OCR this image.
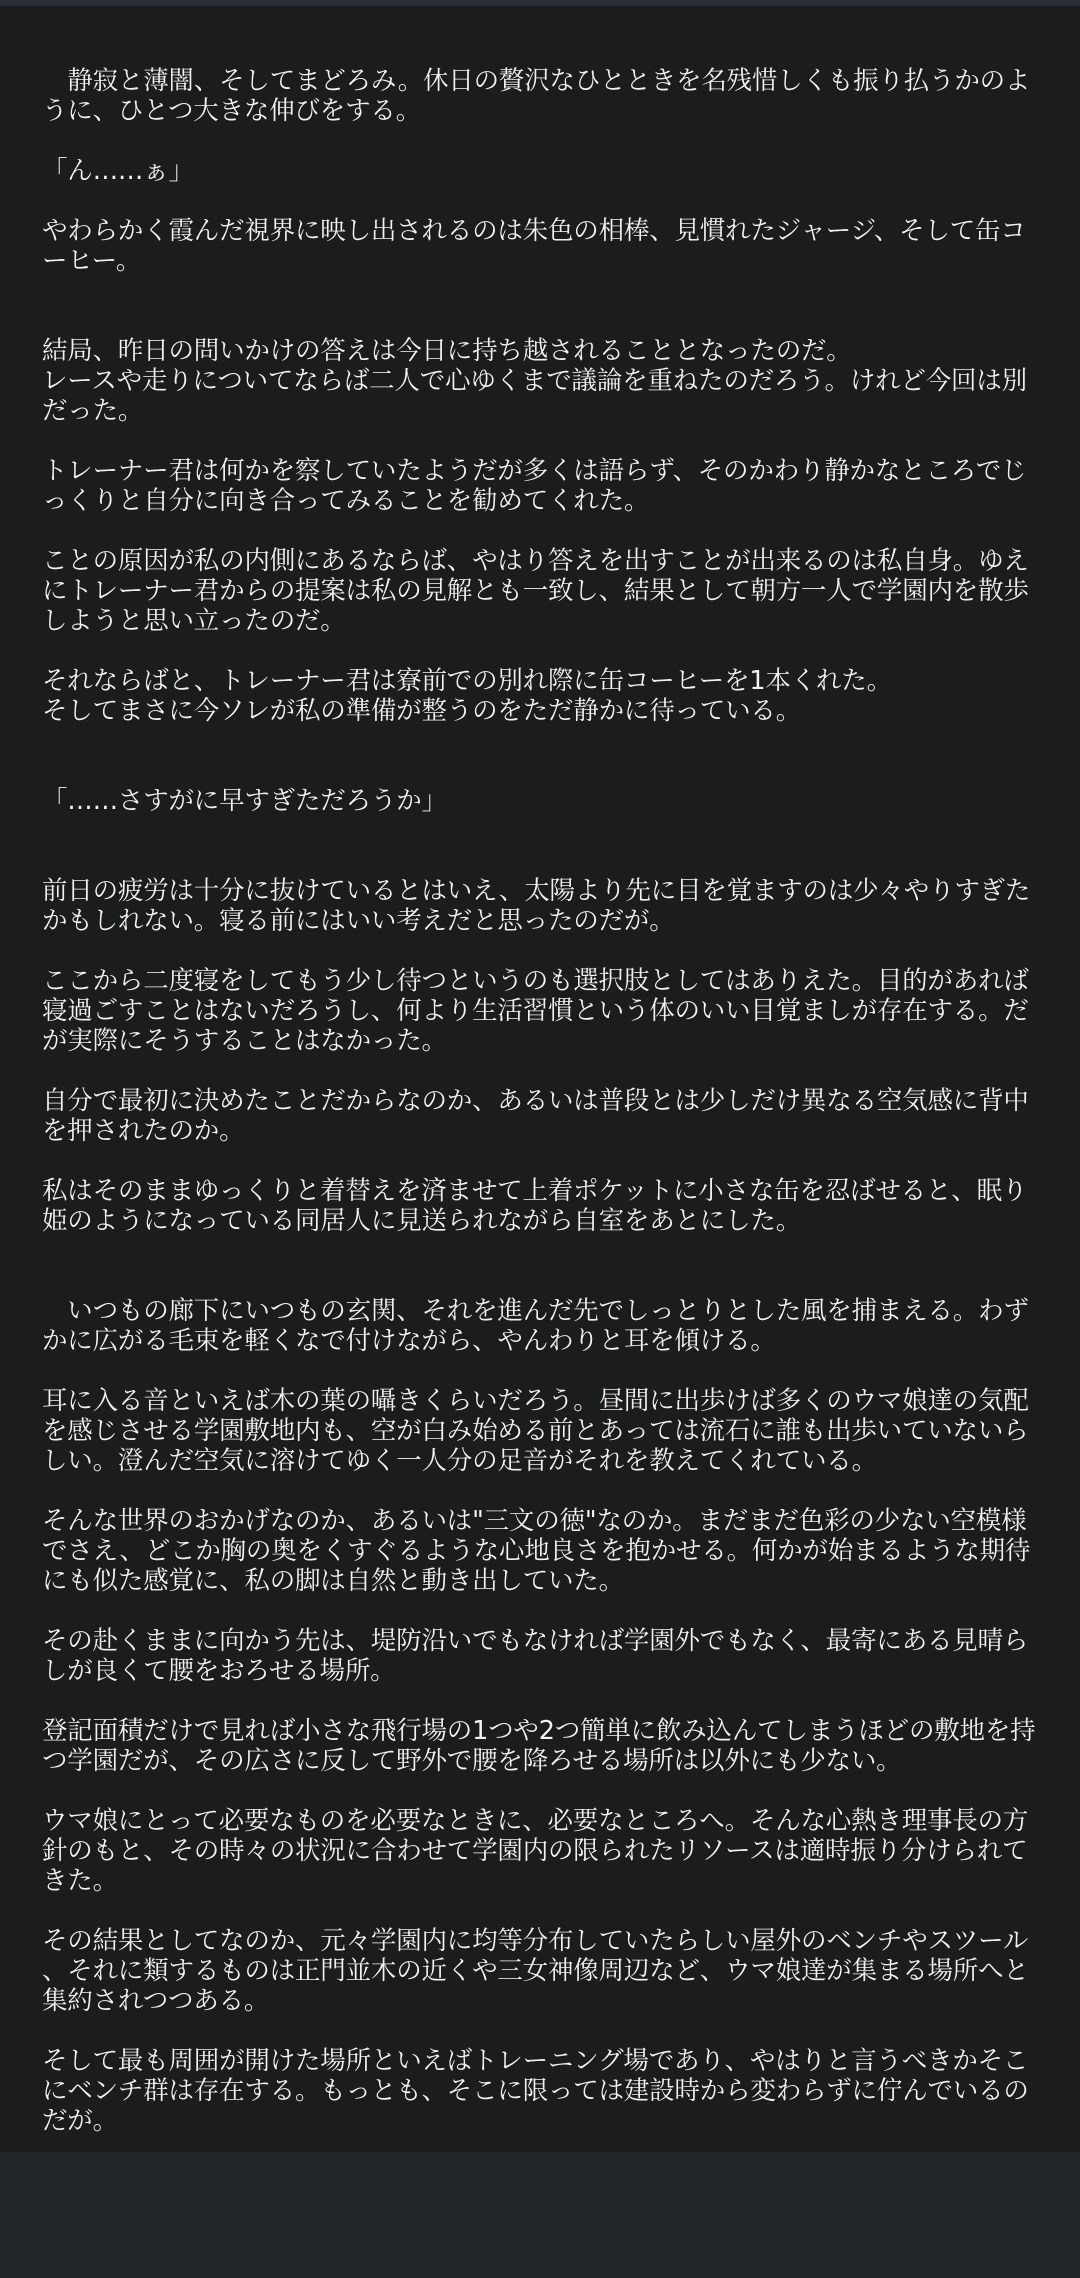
　静寂と薄闇、そしてまどろみ。休日の贅沢なひとときを名残惜しくも振り払うかのように、ひとつ大きな伸びをする。

「ん……ぁ」

やわらかく霞んだ視界に映し出されるのは朱色の相棒、見慣れたジャージ、そして缶コーヒー。

結局、昨日の問いかけの答えは今日に持ち越されることとなったのだ。

レースや走りについてならば二人で心ゆくまで議論を重ねたのだろう。けれど今回は別だった。

トレーナー君は何かを察していたようだが多くは語らず、そのかわり静かなところでじっくりと自分に向き合ってみることを勧めてくれた。

ことの原因が私の内側にあるならば、やはり答えを出すことが出来るのは私自身。ゆえにトレーナー君からの提案は私の見解とも一致し、結果として朝方一人で学園内を散歩しようと思い立ったのだ。

それならばと、トレーナー君は寮前での別れ際に缶コーヒーを1本くれた。

そしてまさに今ソレが私の準備が整うのをただ静かに待っている。

「……さすがに早すぎただろうか」

前日の疲労は十分に抜けているとはいえ、太陽より先に目を覚ますのは少々やりすぎたかもしれない。寝る前にはいい考えだと思ったのだが。

ここから二度寝をしてもう少し待つというのも選択肢としてはありえた。目的があれば寝過ごすことはないだろうし、何より生活習慣という体のいい目覚ましが存在する。だが実際にそうすることはなかった。

自分で最初に決めたことだからなのか、あるいは普段とは少しだけ異なる空気感に背中を押されたのか。

私はそのままゆっくりと着替えを済ませて上着ポケットに小さな缶を忍ばせると、眠り姫のようになっている同居人に見送られながら自室をあとにした。

　いつもの廊下にいつもの玄関、それを進んだ先でしっとりとした風を捕まえる。わずかに広がる毛束を軽くなで付けながら、やんわりと耳を傾ける。

耳に入る音といえば木の葉の囁きくらいだろう。昼間に出歩けば多くのウマ娘達の気配を感じさせる学園敷地内も、空が白み始める前とあっては流石に誰も出歩いていないらしい。澄んだ空気に溶けてゆく一人分の足音がそれを教えてくれている。

そんな世界のおかげなのか、あるいは"三文の徳"なのか。まだまだ色彩の少ない空模様でさえ、どこか胸の奥をくすぐるような心地良さを抱かせる。何かが始まるような期待にも似た感覚に、私の脚は自然と動き出していた。

その赴くままに向かう先は、堤防沿いでもなければ学園外でもなく、最寄にある見晴らしが良くて腰をおろせる場所。

登記面積だけで見れば小さな飛行場の1つや2つ簡単に飲み込んてしまうほどの敷地を持つ学園だが、その広さに反して野外で腰を降ろせる場所は以外にも少ない。

ウマ娘にとって必要なものを必要なときに、必要なところへ。そんな心熱き理事長の方針のもと、その時々の状況に合わせて学園内の限られたリソースは適時振り分けられてきた。

その結果としてなのか、元々学園内に均等分布していたらしい屋外のベンチやスツール、それに類するものは正門並木の近くや三女神像周辺など、ウマ娘達が集まる場所へと集約されつつある。

そして最も周囲が開けた場所といえばトレーニング場であり、やはりと言うべきかそこにベンチ群は存在する。もっとも、そこに限っては建設時から変わらずに佇んでいるのだが。
